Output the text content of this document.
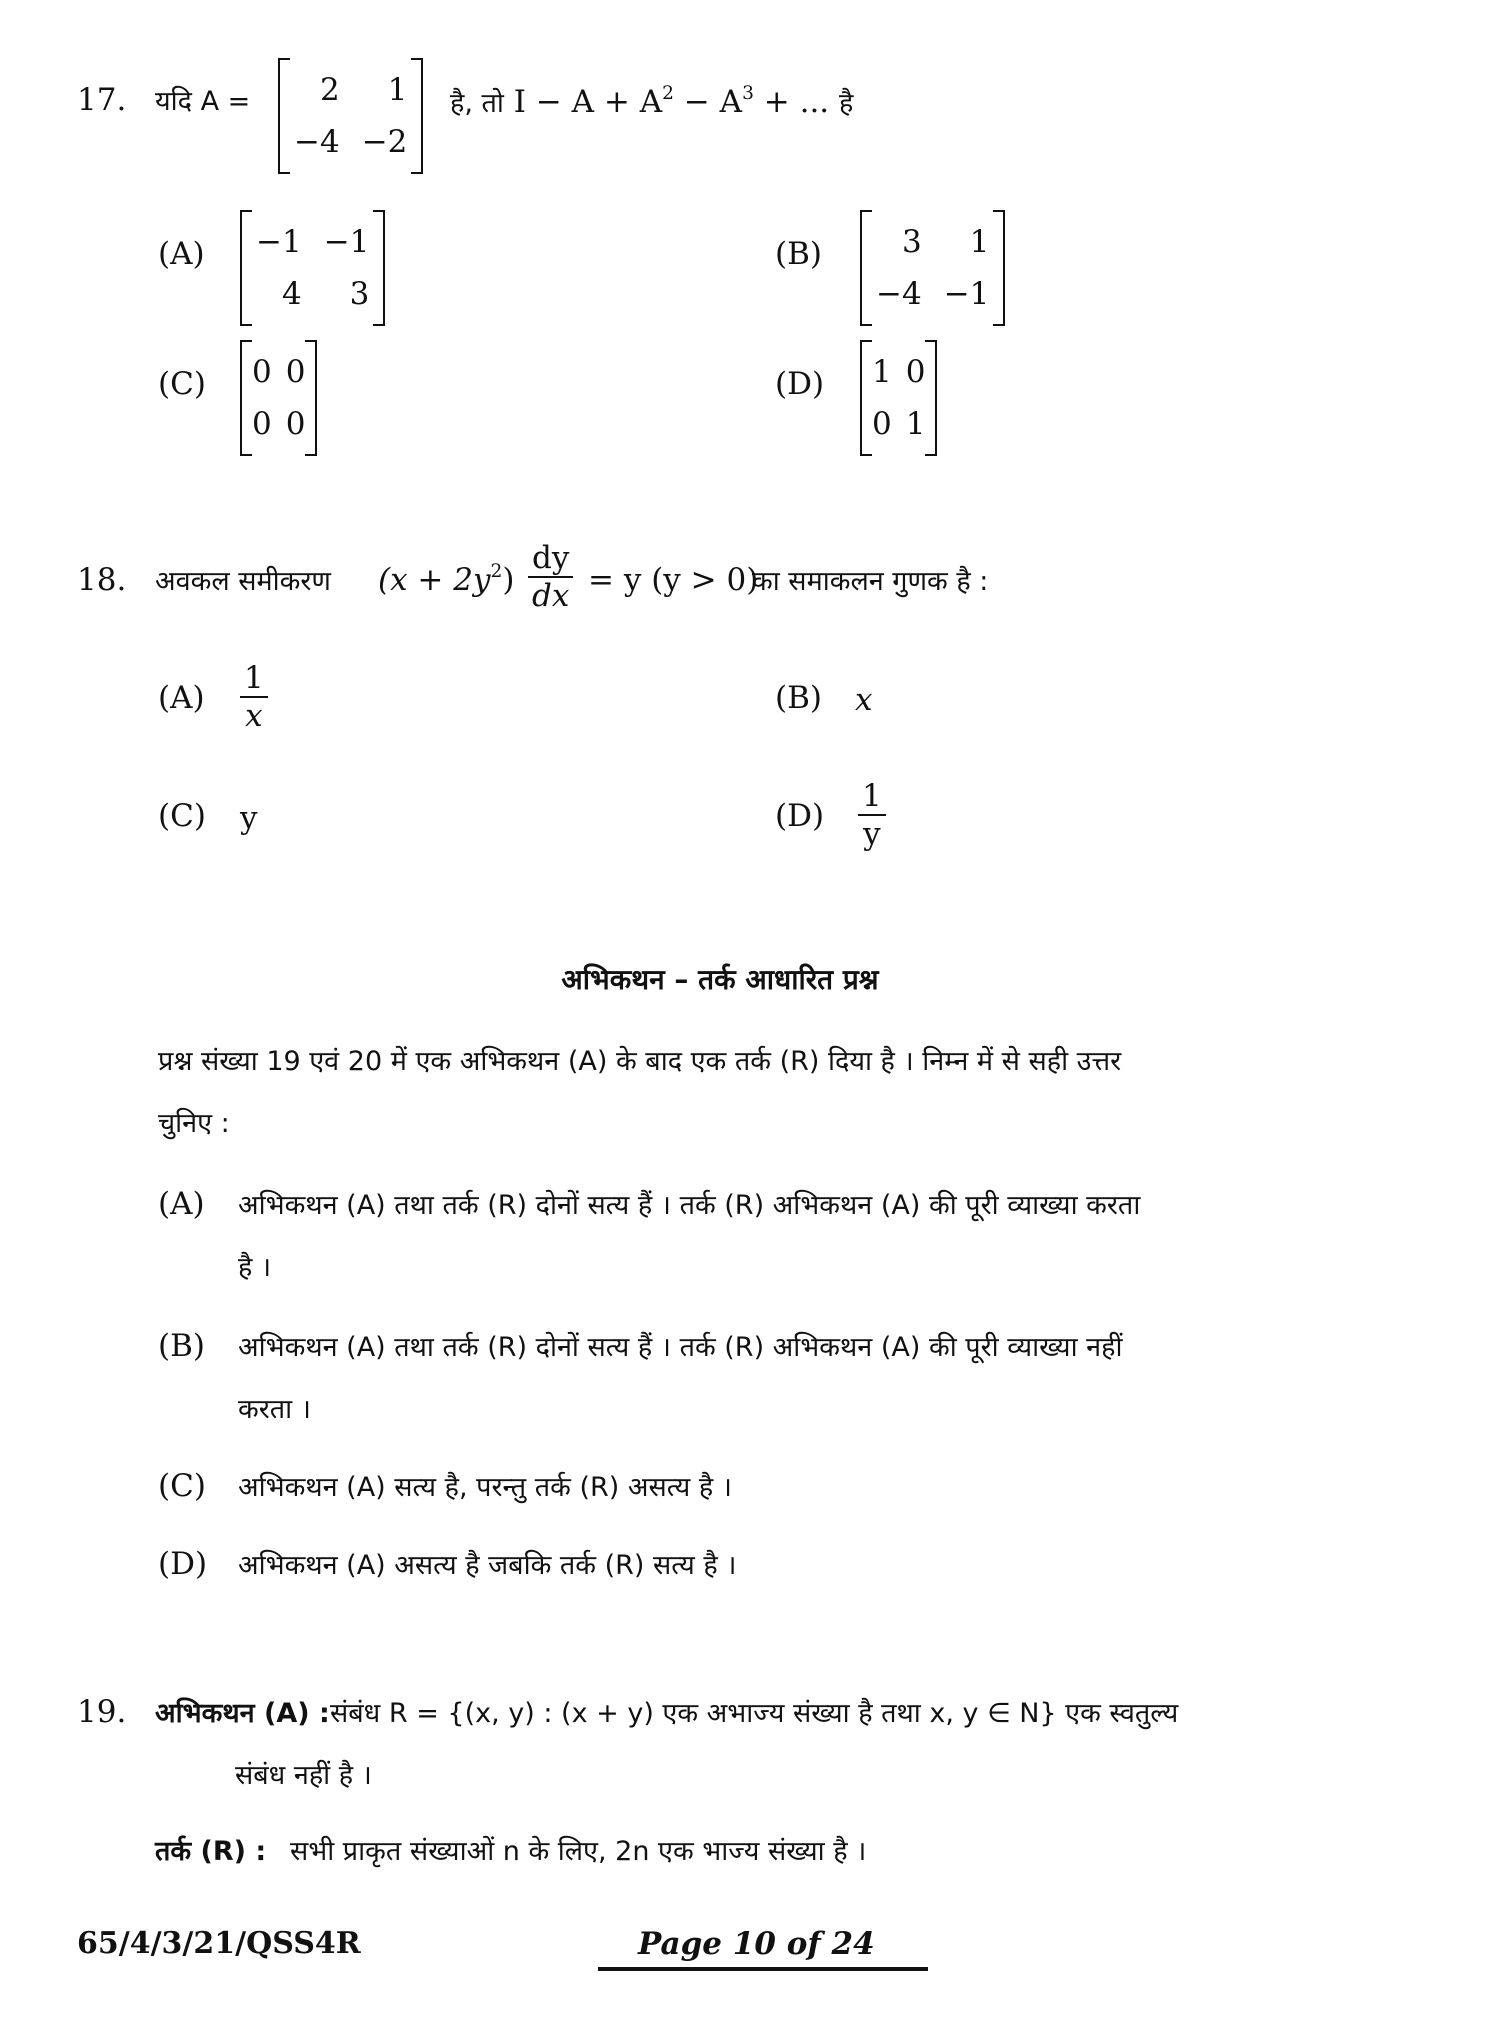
17. यदि A =	2	1
−4 −2
है, तो $I - A + A^2 - A^3$ + ... है
(A) −1 −1
4	3
(B)	3	1
−4 −1
(C) 0 0
0 0
(D) 1 0
0 1
18. अवकल समीकरण $(x + 2y^2) \frac{dy}{dx} = y$ (y > 0)
का समाकलन गुणक है :
$(A) \frac{1}{x}$	(B) x
(C) y	$(D) \frac{1}{y}$
अभिकथन – तर्क आधारित प्रश्न
प्रश्न संख्या 19 एवं 20 में एक अभिकथन (A) के बाद एक तर्क (R) दिया है । निम्न में से सही उत्तर
चुनिए :
(A) अभिकथन (A) तथा तर्क (R) दोनों सत्य हैं । तर्क (R) अभिकथन (A) की पूरी व्याख्या करता
है ।
(B) अभिकथन (A) तथा तर्क (R) दोनों सत्य हैं । तर्क (R) अभिकथन (A) की पूरी व्याख्या नहीं
करता ।
(C) अभिकथन (A) सत्य है, परन्तु तर्क (R) असत्य है ।
(D) अभिकथन (A) असत्य है जबकि तर्क (R) सत्य है ।
19. अभिकथन (A) : संबंध R = {(x, y) : (x + y) एक अभाज्य संख्या है तथा x, y ∈ N} एक स्वतुल्य
संबंध नहीं है ।
तर्क (R) : सभी प्राकृत संख्याओं n के लिए, 2n एक भाज्य संख्या है ।
65/4/3/21/QSS4R	Page 10 of 24
